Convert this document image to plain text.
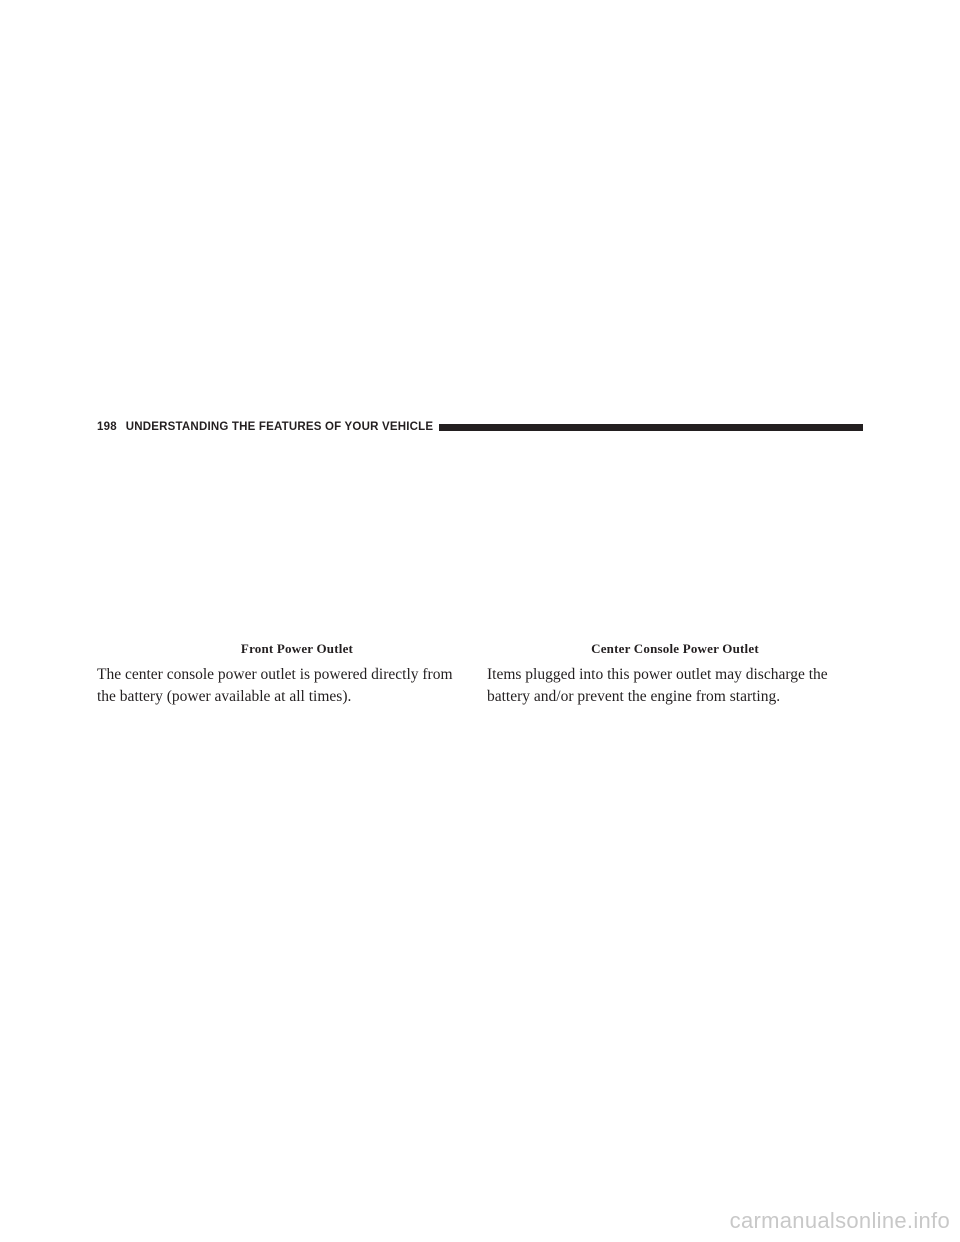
198 UNDERSTANDING THE FEATURES OF YOUR VEHICLE
Front Power Outlet	Center Console Power Outlet

The center console power outlet is powered directly from the battery (power available at all times).

Items plugged into this power outlet may discharge the battery and/or prevent the engine from starting.

carmanualsonline.info
